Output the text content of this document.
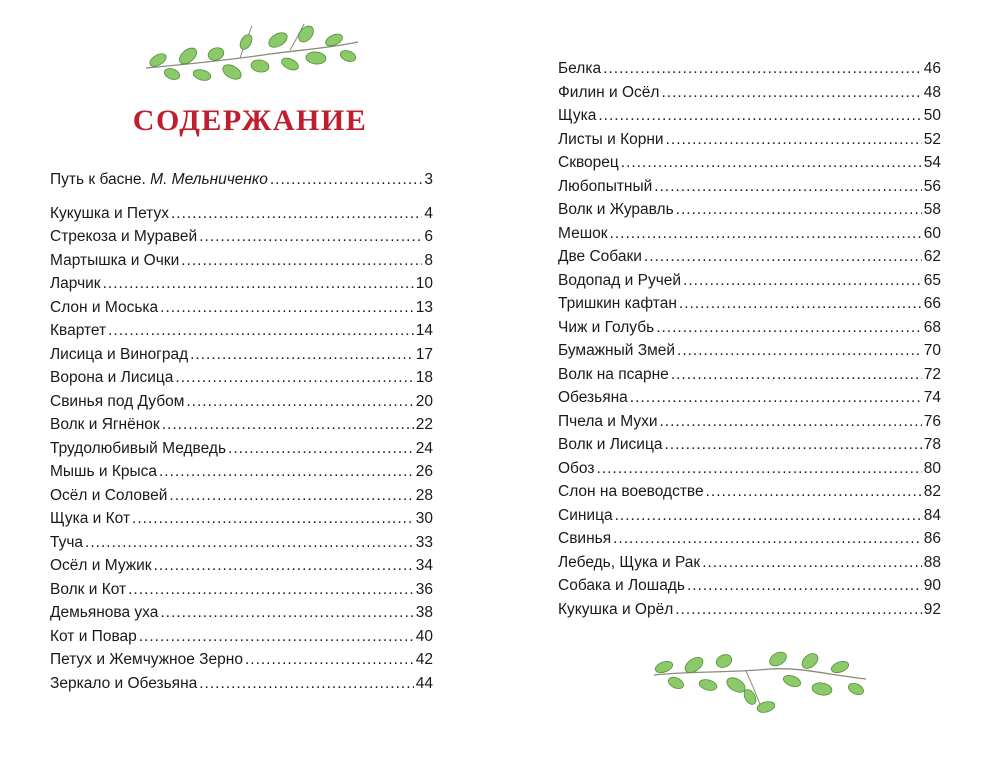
СОДЕРЖАНИЕ
Путь к басне. М. Мельниченко .....	3
Кукушка и Петух .....	4
Стрекоза и Муравей .....	6
Мартышка и Очки .....	8
Ларчик .....	10
Слон и Моська .....	13
Квартет .....	14
Лисица и Виноград .....	17
Ворона и Лисица .....	18
Свинья под Дубом .....	20
Волк и Ягнёнок .....	22
Трудолюбивый Медведь .....	24
Мышь и Крыса .....	26
Осёл и Соловей .....	28
Щука и Кот .....	30
Туча .....	33
Осёл и Мужик .....	34
Волк и Кот .....	36
Демьянова уха .....	38
Кот и Повар .....	40
Петух и Жемчужное Зерно .....	42
Зеркало и Обезьяна .....	44
Белка .....	46
Филин и Осёл .....	48
Щука .....	50
Листы и Корни .....	52
Скворец .....	54
Любопытный .....	56
Волк и Журавль .....	58
Мешок .....	60
Две Собаки .....	62
Водопад и Ручей .....	65
Тришкин кафтан .....	66
Чиж и Голубь .....	68
Бумажный Змей .....	70
Волк на псарне .....	72
Обезьяна .....	74
Пчела и Мухи .....	76
Волк и Лисица .....	78
Обоз .....	80
Слон на воеводстве .....	82
Синица .....	84
Свинья .....	86
Лебедь, Щука и Рак .....	88
Собака и Лошадь .....	90
Кукушка и Орёл .....	92
